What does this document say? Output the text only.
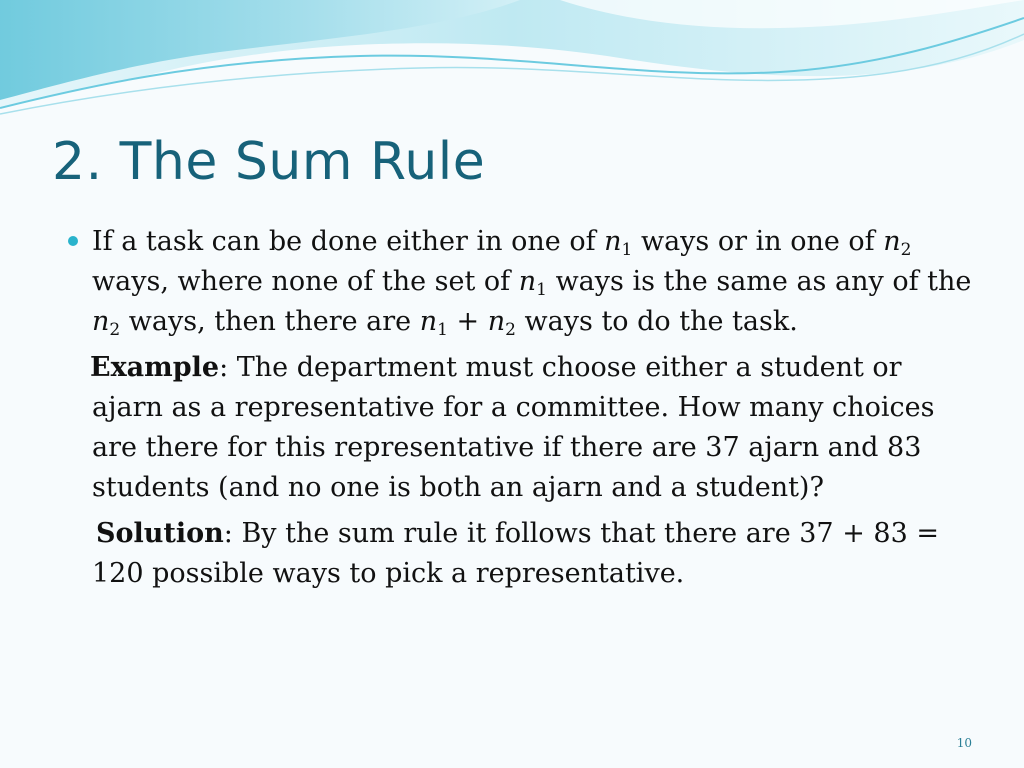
2. The Sum Rule
If a task can be done either in one of $n_1$ ways or in one of $n_2$ ways, where none of the set of $n_1$ ways is the same as any of the $n_2$ ways, then there are $n_1 + n_2$ ways to do the task.
Example: The department must choose either a student or ajarn as a representative for a committee. How many choices are there for this representative if there are 37 ajarn and 83 students (and no one is both an ajarn and a student)?
Solution: By the sum rule it follows that there are 37 + 83 = 120 possible ways to pick a representative.
10
